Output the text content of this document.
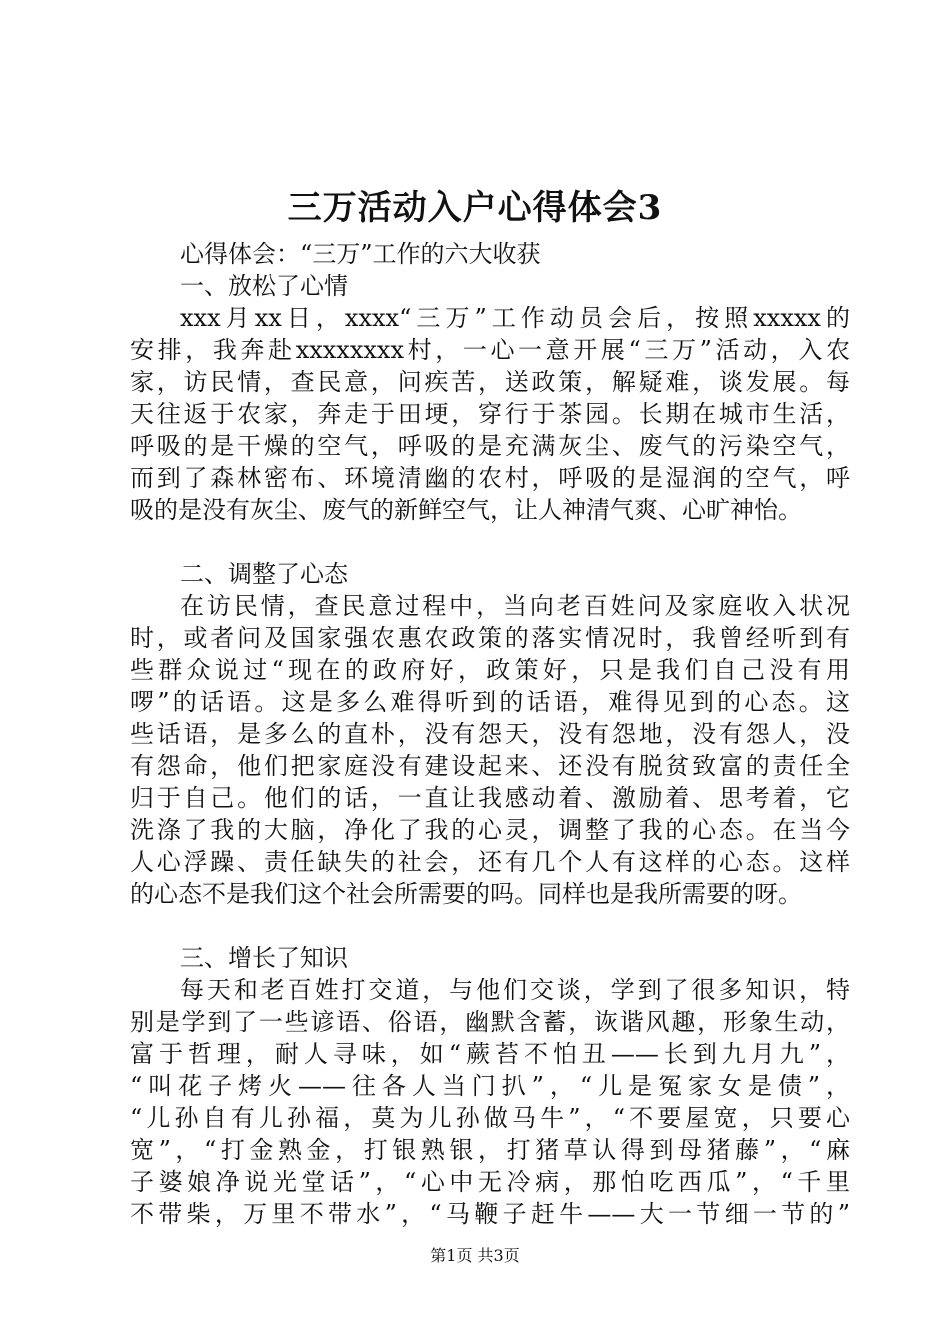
三万活动入户心得体会3
心得体会：“三万”工作的六大收获
一、放松了心情
xxx月xx日，xxxx“三万”工作动员会后，按照xxxxx的
安排，我奔赴xxxxxxxx村，一心一意开展“三万”活动，入农
家，访民情，查民意，问疾苦，送政策，解疑难，谈发展。每
天往返于农家，奔走于田埂，穿行于茶园。长期在城市生活，
呼吸的是干燥的空气，呼吸的是充满灰尘、废气的污染空气，
而到了森林密布、环境清幽的农村，呼吸的是湿润的空气，呼
吸的是没有灰尘、废气的新鲜空气，让人神清气爽、心旷神怡。
二、调整了心态
在访民情，查民意过程中，当向老百姓问及家庭收入状况
时，或者问及国家强农惠农政策的落实情况时，我曾经听到有
些群众说过“现在的政府好，政策好，只是我们自己没有用
啰”的话语。这是多么难得听到的话语，难得见到的心态。这
些话语，是多么的直朴，没有怨天，没有怨地，没有怨人，没
有怨命，他们把家庭没有建设起来、还没有脱贫致富的责任全
归于自己。他们的话，一直让我感动着、激励着、思考着，它
洗涤了我的大脑，净化了我的心灵，调整了我的心态。在当今
人心浮躁、责任缺失的社会，还有几个人有这样的心态。这样
的心态不是我们这个社会所需要的吗。同样也是我所需要的呀。
三、增长了知识
每天和老百姓打交道，与他们交谈，学到了很多知识，特
别是学到了一些谚语、俗语，幽默含蓄，诙谐风趣，形象生动，
富于哲理，耐人寻味，如“蕨苔不怕丑——长到九月九”，
“叫花子烤火——往各人当门扒”，“儿是冤家女是债”，
“儿孙自有儿孙福，莫为儿孙做马牛”，“不要屋宽，只要心
宽”，“打金熟金，打银熟银，打猪草认得到母猪藤”，“麻
子婆娘净说光堂话”，“心中无冷病，那怕吃西瓜”，“千里
不带柴，万里不带水”，“马鞭子赶牛——大一节细一节的”
第1页 共3页
